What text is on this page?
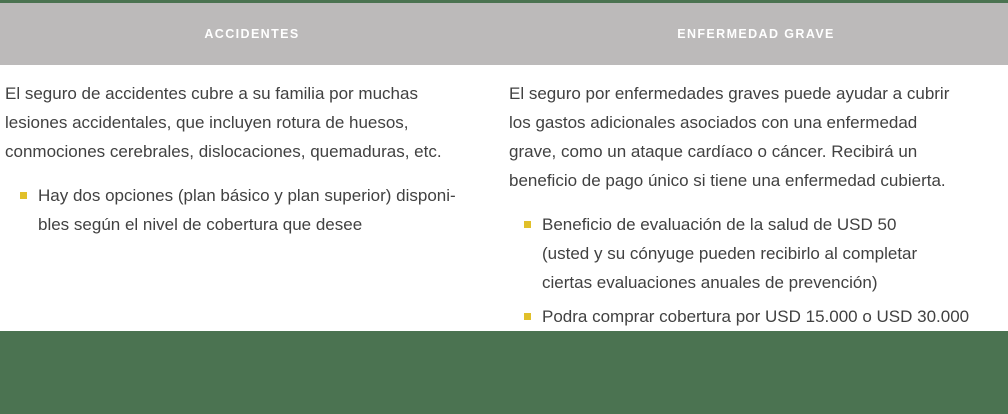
ACCIDENTES	ENFERMEDAD GRAVE
El seguro de accidentes cubre a su familia por muchas
lesiones accidentales, que incluyen rotura de huesos,
conmociones cerebrales, dislocaciones, quemaduras, etc.
Hay dos opciones (plan básico y plan superior) disponi-
bles según el nivel de cobertura que desee
El seguro por enfermedades graves puede ayudar a cubrir
los gastos adicionales asociados con una enfermedad
grave, como un ataque cardíaco o cáncer. Recibirá un
beneficio de pago único si tiene una enfermedad cubierta.
Beneficio de evaluación de la salud de USD 50
(usted y su cónyuge pueden recibirlo al completar
ciertas evaluaciones anuales de prevención)
Podra comprar cobertura por USD 15.000 o USD 30.000
